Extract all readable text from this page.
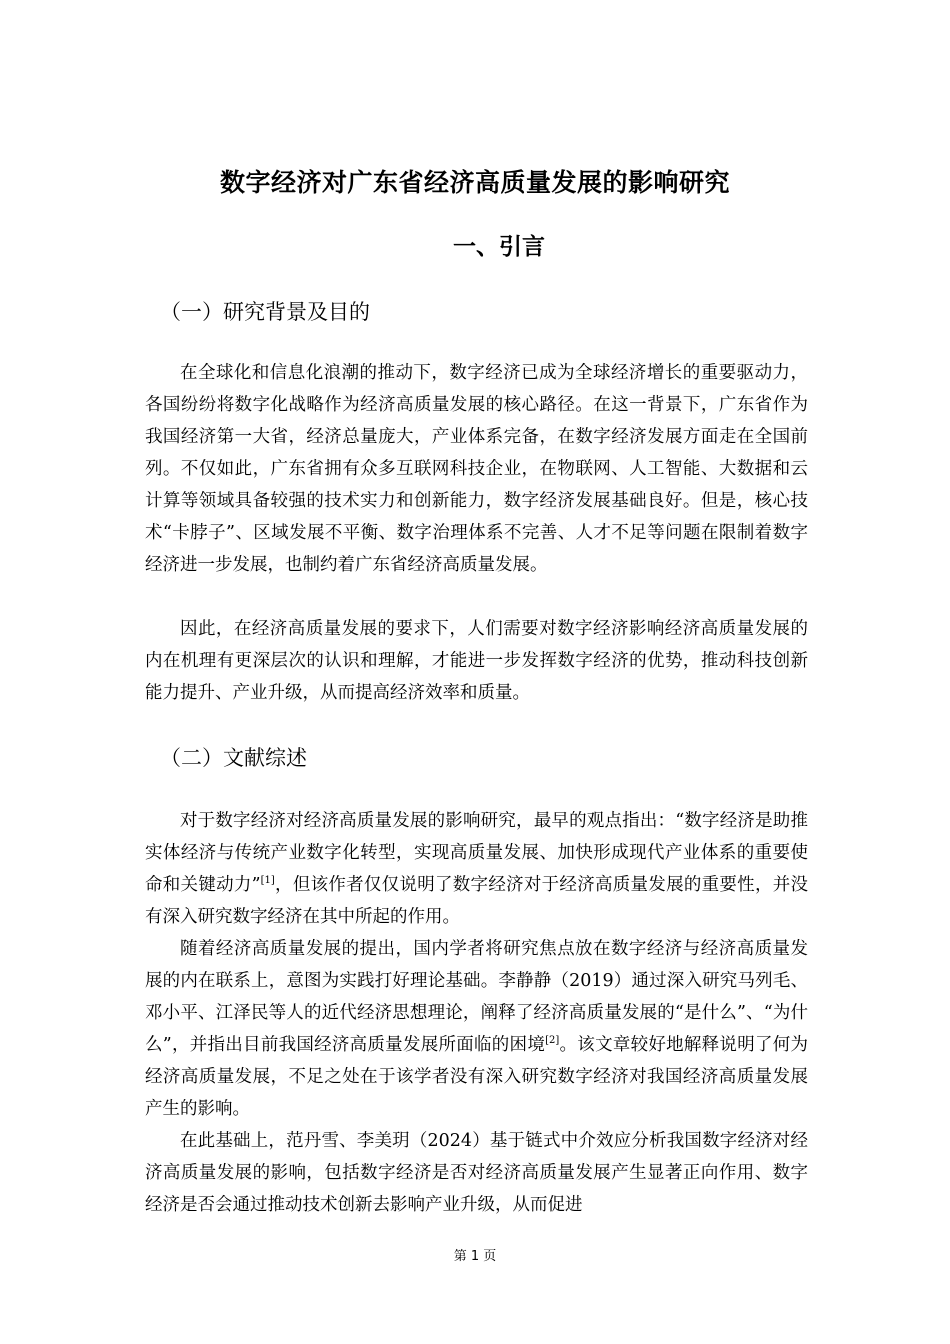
数字经济对广东省经济高质量发展的影响研究
一、引言
（一）研究背景及目的

在全球化和信息化浪潮的推动下，数字经济已成为全球经济增长的重要驱动力，各国纷纷将数字化战略作为经济高质量发展的核心路径。在这一背景下，广东省作为我国经济第一大省，经济总量庞大，产业体系完备，在数字经济发展方面走在全国前列。不仅如此，广东省拥有众多互联网科技企业，在物联网、人工智能、大数据和云计算等领域具备较强的技术实力和创新能力，数字经济发展基础良好。但是，核心技术“卡脖子”、区域发展不平衡、数字治理体系不完善、人才不足等问题在限制着数字经济进一步发展，也制约着广东省经济高质量发展。

因此，在经济高质量发展的要求下，人们需要对数字经济影响经济高质量发展的内在机理有更深层次的认识和理解，才能进一步发挥数字经济的优势，推动科技创新能力提升、产业升级，从而提高经济效率和质量。

（二）文献综述

对于数字经济对经济高质量发展的影响研究，最早的观点指出：“数字经济是助推实体经济与传统产业数字化转型，实现高质量发展、加快形成现代产业体系的重要使命和关键动力”[1]，但该作者仅仅说明了数字经济对于经济高质量发展的重要性，并没有深入研究数字经济在其中所起的作用。

随着经济高质量发展的提出，国内学者将研究焦点放在数字经济与经济高质量发展的内在联系上，意图为实践打好理论基础。李静静（2019）通过深入研究马列毛、邓小平、江泽民等人的近代经济思想理论，阐释了经济高质量发展的“是什么”、“为什么”，并指出目前我国经济高质量发展所面临的困境[2]。该文章较好地解释说明了何为经济高质量发展，不足之处在于该学者没有深入研究数字经济对我国经济高质量发展产生的影响。

在此基础上，范丹雪、李美玥（2024）基于链式中介效应分析我国数字经济对经济高质量发展的影响，包括数字经济是否对经济高质量发展产生显著正向作用、数字经济是否会通过推动技术创新去影响产业升级，从而促进

第 1 页
